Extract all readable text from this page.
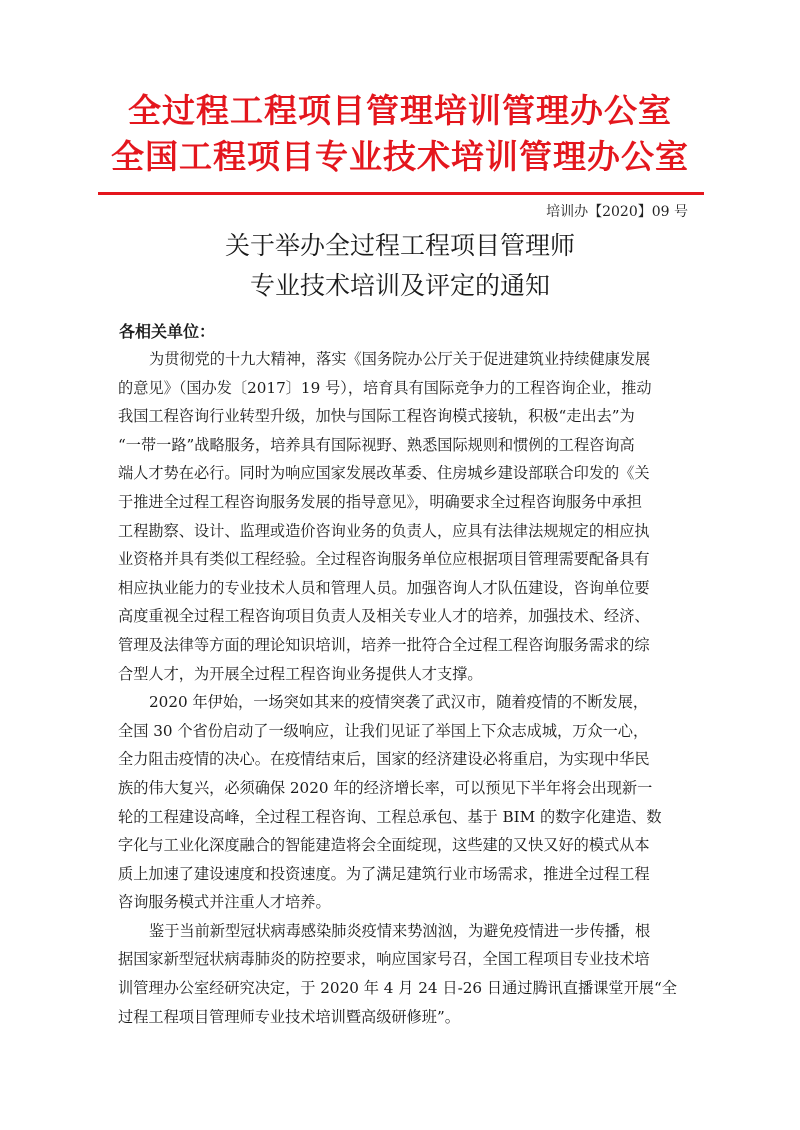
全过程工程项目管理培训管理办公室
全国工程项目专业技术培训管理办公室
培训办【2020】09 号
关于举办全过程工程项目管理师
专业技术培训及评定的通知
各相关单位：
为贯彻党的十九大精神，落实《国务院办公厅关于促进建筑业持续健康发展
的意见》（国办发〔2017〕19 号），培育具有国际竞争力的工程咨询企业，推动
我国工程咨询行业转型升级，加快与国际工程咨询模式接轨，积极“走出去”为
“一带一路”战略服务，培养具有国际视野、熟悉国际规则和惯例的工程咨询高
端人才势在必行。同时为响应国家发展改革委、住房城乡建设部联合印发的《关
于推进全过程工程咨询服务发展的指导意见》，明确要求全过程咨询服务中承担
工程勘察、设计、监理或造价咨询业务的负责人，应具有法律法规规定的相应执
业资格并具有类似工程经验。全过程咨询服务单位应根据项目管理需要配备具有
相应执业能力的专业技术人员和管理人员。加强咨询人才队伍建设，咨询单位要
高度重视全过程工程咨询项目负责人及相关专业人才的培养，加强技术、经济、
管理及法律等方面的理论知识培训，培养一批符合全过程工程咨询服务需求的综
合型人才，为开展全过程工程咨询业务提供人才支撑。
2020 年伊始，一场突如其来的疫情突袭了武汉市，随着疫情的不断发展，
全国 30 个省份启动了一级响应，让我们见证了举国上下众志成城，万众一心，
全力阻击疫情的决心。在疫情结束后，国家的经济建设必将重启，为实现中华民
族的伟大复兴，必须确保 2020 年的经济增长率，可以预见下半年将会出现新一
轮的工程建设高峰，全过程工程咨询、工程总承包、基于 BIM 的数字化建造、数
字化与工业化深度融合的智能建造将会全面绽现，这些建的又快又好的模式从本
质上加速了建设速度和投资速度。为了满足建筑行业市场需求，推进全过程工程
咨询服务模式并注重人才培养。
鉴于当前新型冠状病毒感染肺炎疫情来势汹汹，为避免疫情进一步传播，根
据国家新型冠状病毒肺炎的防控要求，响应国家号召，全国工程项目专业技术培
训管理办公室经研究决定，于 2020 年 4 月 24 日-26 日通过腾讯直播课堂开展“全
过程工程项目管理师专业技术培训暨高级研修班”。
